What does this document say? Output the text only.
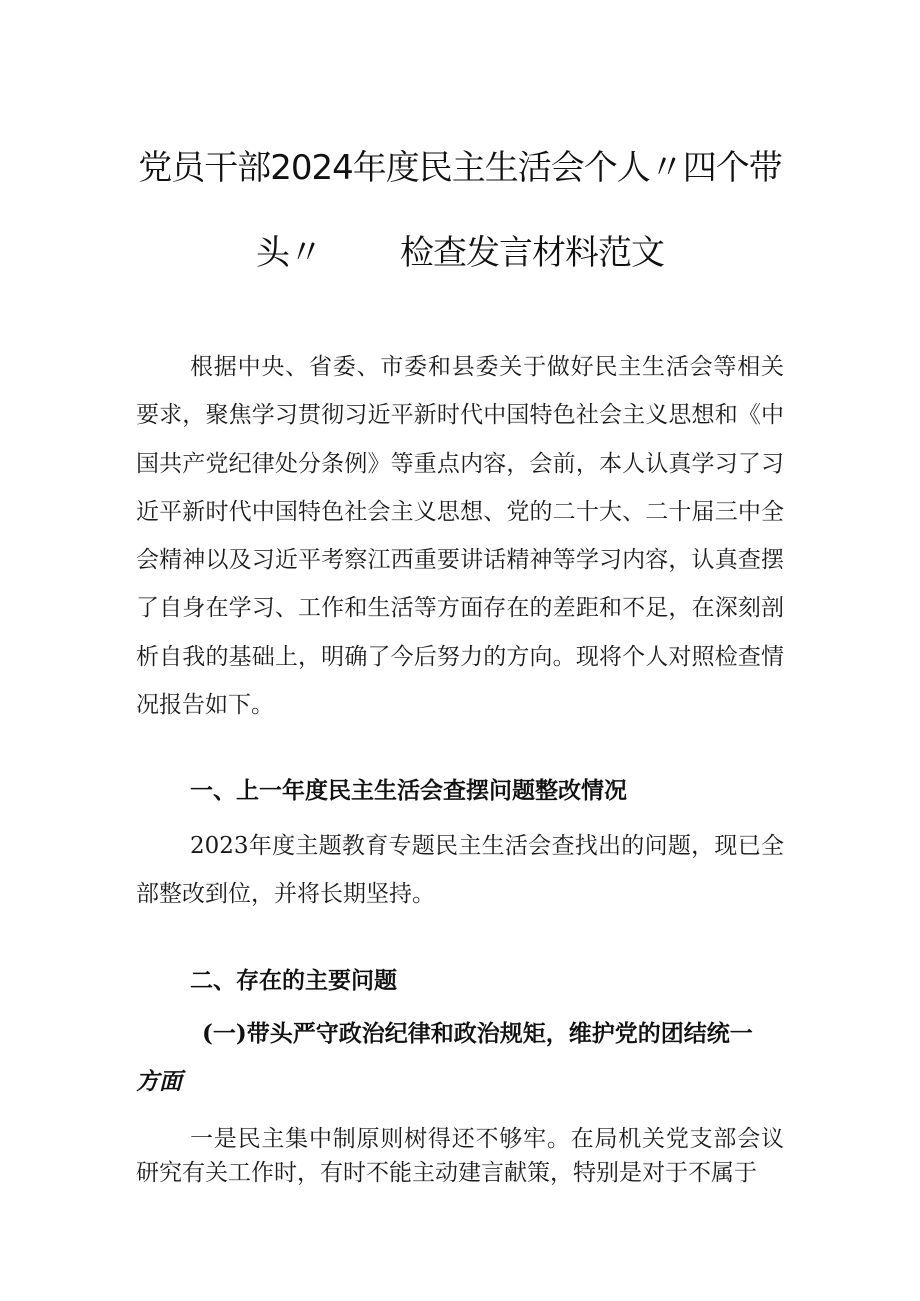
党员干部2024年度民主生活会个人〃四个带
头〃 检查发言材料范文

根据中央、省委、市委和县委关于做好民主生活会等相关要求，聚焦学习贯彻习近平新时代中国特色社会主义思想和《中国共产党纪律处分条例》等重点内容，会前，本人认真学习了习近平新时代中国特色社会主义思想、党的二十大、二十届三中全会精神以及习近平考察江西重要讲话精神等学习内容，认真查摆了自身在学习、工作和生活等方面存在的差距和不足，在深刻剖析自我的基础上，明确了今后努力的方向。现将个人对照检查情况报告如下。

一、上一年度民主生活会查摆问题整改情况

2023年度主题教育专题民主生活会查找出的问题，现已全部整改到位，并将长期坚持。

二、存在的主要问题
(一)带头严守政治纪律和政治规矩，维护党的团结统一
方面

一是民主集中制原则树得还不够牢。在局机关党支部会议研究有关工作时，有时不能主动建言献策，特别是对于不属于
